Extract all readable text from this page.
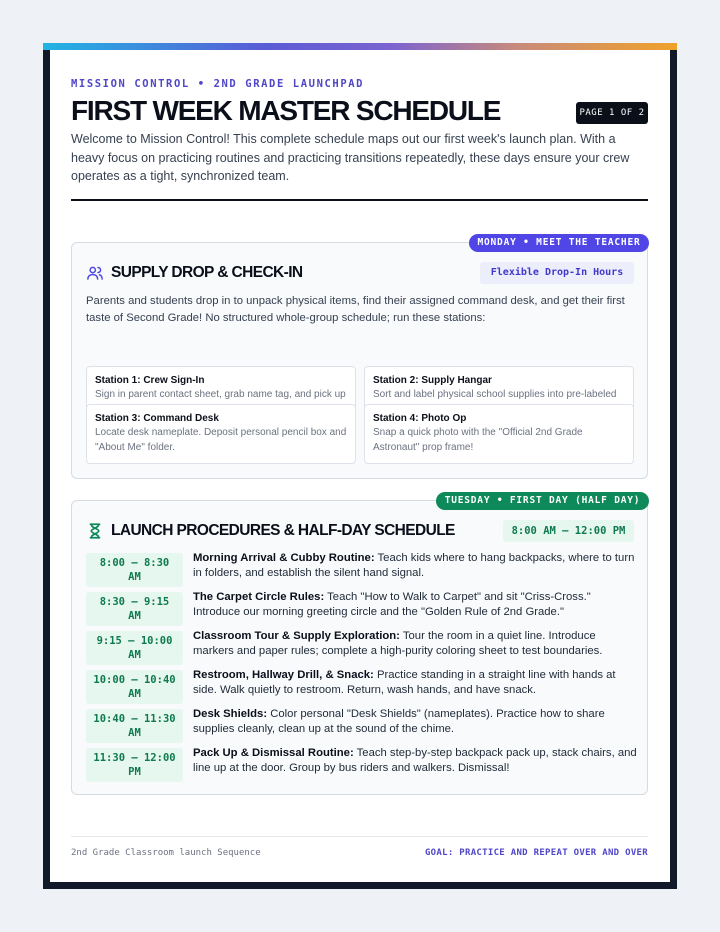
MISSION CONTROL • 2ND GRADE LAUNCHPAD
FIRST WEEK MASTER SCHEDULE	PAGE 1 OF 2
Welcome to Mission Control! This complete schedule maps out our first week's launch plan. With a heavy focus on practicing routines and practicing transitions repeatedly, these days ensure your crew operates as a tight, synchronized team.
MONDAY • MEET THE TEACHER
SUPPLY DROP & CHECK-IN	Flexible Drop-In Hours
Parents and students drop in to unpack physical items, find their assigned command desk, and get their first taste of Second Grade! No structured whole-group schedule; run these stations:
Station 1: Crew Sign-In
Sign in parent contact sheet, grab name tag, and pick up
Station 2: Supply Hangar
Sort and label physical school supplies into pre-labeled
Station 3: Command Desk
Locate desk nameplate. Deposit personal pencil box and "About Me" folder.
Station 4: Photo Op
Snap a quick photo with the "Official 2nd Grade Astronaut" prop frame!
TUESDAY • FIRST DAY (HALF DAY)
LAUNCH PROCEDURES & HALF-DAY SCHEDULE	8:00 AM – 12:00 PM
8:00 – 8:30
AM
Morning Arrival & Cubby Routine: Teach kids where to hang backpacks, where to turn in folders, and establish the silent hand signal.
8:30 – 9:15
AM
The Carpet Circle Rules: Teach "How to Walk to Carpet" and sit "Criss-Cross." Introduce our morning greeting circle and the "Golden Rule of 2nd Grade."
9:15 – 10:00
AM
Classroom Tour & Supply Exploration: Tour the room in a quiet line. Introduce markers and paper rules; complete a high-purity coloring sheet to test boundaries.
10:00 – 10:40
AM
Restroom, Hallway Drill, & Snack: Practice standing in a straight line with hands at side. Walk quietly to restroom. Return, wash hands, and have snack.
10:40 – 11:30
AM
Desk Shields: Color personal "Desk Shields" (nameplates). Practice how to share supplies cleanly, clean up at the sound of the chime.
11:30 – 12:00
PM
Pack Up & Dismissal Routine: Teach step-by-step backpack pack up, stack chairs, and line up at the door. Group by bus riders and walkers. Dismissal!
2nd Grade Classroom launch Sequence	GOAL: PRACTICE AND REPEAT OVER AND OVER
